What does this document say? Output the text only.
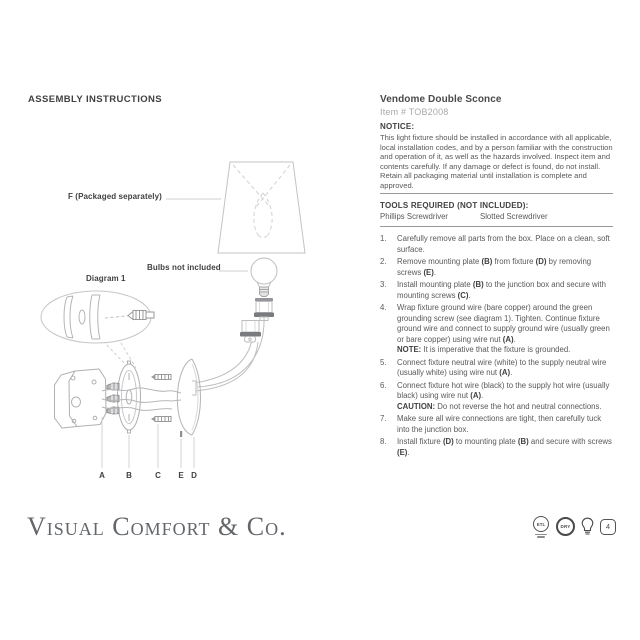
ASSEMBLY INSTRUCTIONS
F (Packaged separately)
Bulbs not included
Diagram 1
A	B	C E D
Vendome Double Sconce
Item # TOB2008
NOTICE:
This light fixture should be installed in accordance with all applicable, local installation codes, and by a person familiar with the construction and operation of it, as well as the hazards involved. Inspect item and contents carefully. If any damage or defect is found, do not install. Retain all packaging material until installation is complete and approved.
TOOLS REQUIRED (NOT INCLUDED):
Phillips Screwdriver	Slotted Screwdriver
1.	Carefully remove all parts from the box. Place on a clean, soft surface.
2.	Remove mounting plate (B) from fixture (D) by removing screws (E).
3.	Install mounting plate (B) to the junction box and secure with mounting screws (C).
4.	Wrap fixture ground wire (bare copper) around the green grounding screw (see diagram 1). Tighten. Continue fixture ground wire and connect to supply ground wire (usually green or bare copper) using wire nut (A).
NOTE: It is imperative that the fixture is grounded.
5.	Connect fixture neutral wire (white) to the supply neutral wire (usually white) using wire nut (A).
6.	Connect fixture hot wire (black) to the supply hot wire (usually black) using wire nut (A).
CAUTION: Do not reverse the hot and neutral connections.
7.	Make sure all wire connections are tight, then carefully tuck into the junction box.
8.	Install fixture (D) to mounting plate (B) and secure with screws (E).
Visual Comfort & Co.	ETL
DRY	4
